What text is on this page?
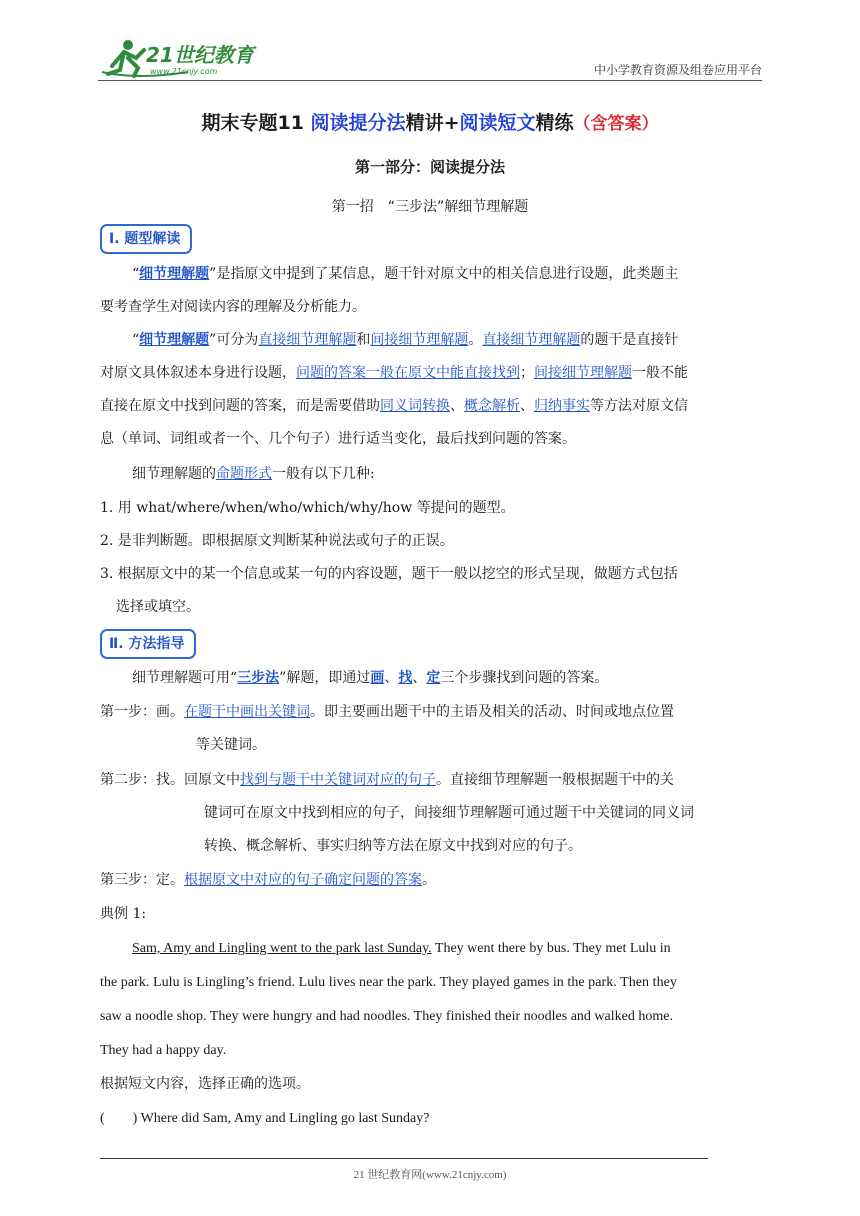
21世纪教育
www.21cnjy.com	中小学教育资源及组卷应用平台
期末专题11 阅读提分法精讲+阅读短文精练（含答案）
第一部分：阅读提分法
第一招　“三步法”解细节理解题
Ⅰ. 题型解读
“细节理解题”是指原文中提到了某信息，题干针对原文中的相关信息进行设题，此类题主
要考查学生对阅读内容的理解及分析能力。
“细节理解题”可分为直接细节理解题和间接细节理解题。直接细节理解题的题干是直接针
对原文具体叙述本身进行设题，问题的答案一般在原文中能直接找到；间接细节理解题一般不能
直接在原文中找到问题的答案，而是需要借助同义词转换、概念解析、归纳事实等方法对原文信
息（单词、词组或者一个、几个句子）进行适当变化，最后找到问题的答案。
细节理解题的命题形式一般有以下几种:
1. 用 what/where/when/who/which/why/how 等提问的题型。
2. 是非判断题。即根据原文判断某种说法或句子的正误。
3. 根据原文中的某一个信息或某一句的内容设题，题干一般以挖空的形式呈现，做题方式包括
选择或填空。
Ⅱ. 方法指导
细节理解题可用“三步法”解题，即通过画、找、定三个步骤找到问题的答案。
第一步：画。在题干中画出关键词。即主要画出题干中的主语及相关的活动、时间或地点位置
等关键词。
第二步：找。回原文中找到与题干中关键词对应的句子。直接细节理解题一般根据题干中的关
键词可在原文中找到相应的句子，间接细节理解题可通过题干中关键词的同义词
转换、概念解析、事实归纳等方法在原文中找到对应的句子。
第三步：定。根据原文中对应的句子确定问题的答案。
典例 1:
Sam, Amy and Lingling went to the park last Sunday. They went there by bus. They met Lulu in
the park. Lulu is Lingling’s friend. Lulu lives near the park. They played games in the park. Then they
saw a noodle shop. They were hungry and had noodles. They finished their noodles and walked home.
They had a happy day.
根据短文内容，选择正确的选项。
(　　) Where did Sam, Amy and Lingling go last Sunday?
21 世纪教育网(www.21cnjy.com)
